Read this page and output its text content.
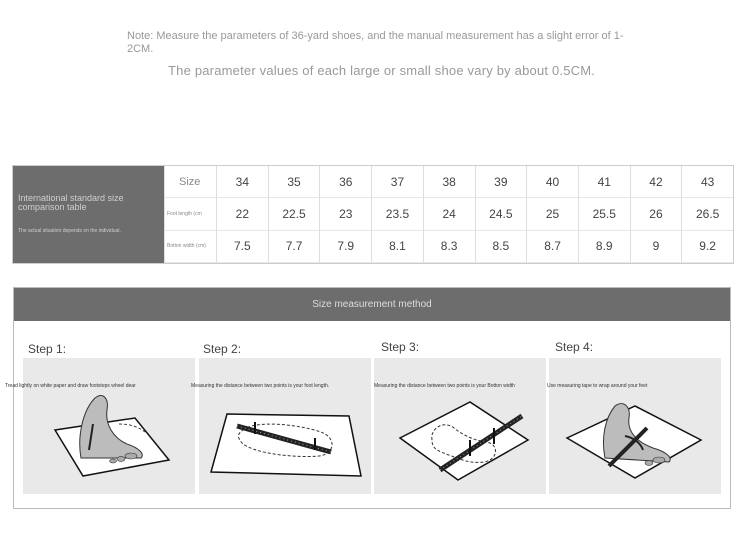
Note: Measure the parameters of 36-yard shoes, and the manual measurement has a slight error of 1-2CM.
The parameter values of each large or small shoe vary by about 0.5CM.
International standard size comparison table
The actual situation depends on the individual.
Size	34	35	36	37	38	39	40	41	42	43
Foot length (cm	22	22.5	23	23.5	24	24.5	25	25.5	26	26.5
Botton width (cm)	7.5	7.7	7.9	8.1	8.3	8.5	8.7	8.9	9	9.2
Size measurement method
Step 1:	Step 2:	Step 3:	Step 4:
Tread lightly on white paper and draw footsteps wheel dear	Measuring the distance between two points is your foot length.	Measuring the distance between two points is your Botton width	Use measuring tape to wrap around your feet
